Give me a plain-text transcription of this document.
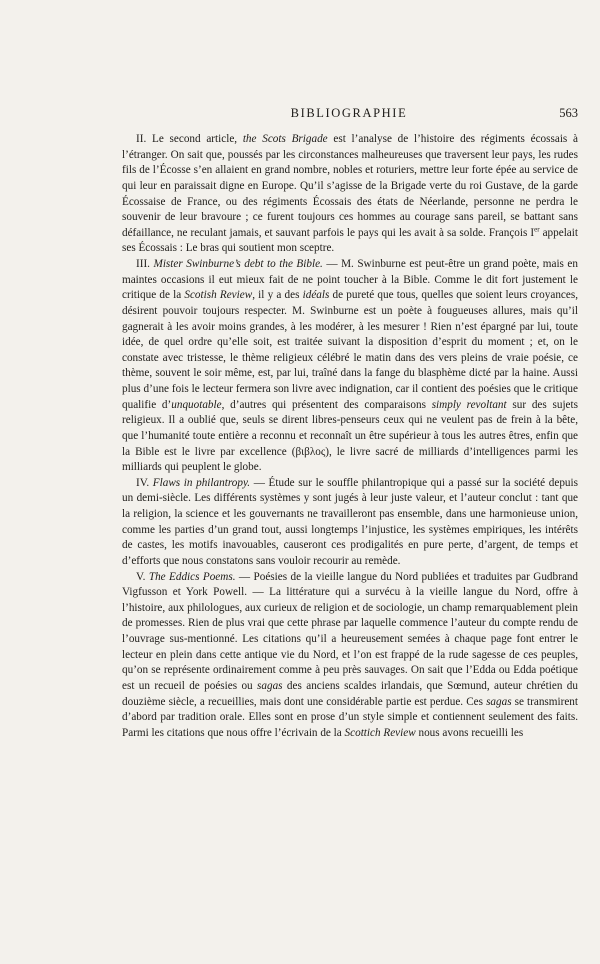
BIBLIOGRAPHIE	563

II. Le second article, the Scots Brigade est l’analyse de l’histoire des régiments écossais à l’étranger. On sait que, poussés par les circonstances malheureuses que traversent leur pays, les rudes fils de l’Écosse s’en allaient en grand nombre, nobles et roturiers, mettre leur forte épée au service de qui leur en paraissait digne en Europe. Qu’il s’agisse de la Brigade verte du roi Gustave, de la garde Écossaise de France, ou des régiments Écossais des états de Néerlande, personne ne perdra le souvenir de leur bravoure ; ce furent toujours ces hommes au courage sans pareil, se battant sans défaillance, ne reculant jamais, et sauvant parfois le pays qui les avait à sa solde. François Ier appelait ses Écossais : Le bras qui soutient mon sceptre.

III. Mister Swinburne’s debt to the Bible. — M. Swinburne est peut-être un grand poète, mais en maintes occasions il eut mieux fait de ne point toucher à la Bible. Comme le dit fort justement le critique de la Scotish Review, il y a des idéals de pureté que tous, quelles que soient leurs croyances, désirent pouvoir toujours respecter. M. Swinburne est un poète à fougueuses allures, mais qu’il gagnerait à les avoir moins grandes, à les modérer, à les mesurer ! Rien n’est épargné par lui, toute idée, de quel ordre qu’elle soit, est traitée suivant la disposition d’esprit du moment ; et, on le constate avec tristesse, le thème religieux célébré le matin dans des vers pleins de vraie poésie, ce thème, souvent le soir même, est, par lui, traîné dans la fange du blasphème dicté par la haine. Aussi plus d’une fois le lecteur fermera son livre avec indignation, car il contient des poésies que le critique qualifie d’unquotable, d’autres qui présentent des comparaisons simply revoltant sur des sujets religieux. Il a oublié que, seuls se dirent libres-penseurs ceux qui ne veulent pas de frein à la bête, que l’humanité toute entière a reconnu et reconnaît un être supérieur à tous les autres êtres, enfin que la Bible est le livre par excellence (βιβλος), le livre sacré de milliards d’intelligences parmi les milliards qui peuplent le globe.

IV. Flaws in philantropy. — Étude sur le souffle philantropique qui a passé sur la société depuis un demi-siècle. Les différents systèmes y sont jugés à leur juste valeur, et l’auteur conclut : tant que la religion, la science et les gouvernants ne travailleront pas ensemble, dans une harmonieuse union, comme les parties d’un grand tout, aussi longtemps l’injustice, les systèmes empiriques, les intérêts de castes, les motifs inavouables, causeront ces prodigalités en pure perte, d’argent, de temps et d’efforts que nous constatons sans vouloir recourir au remède.

V. The Eddics Poems. — Poésies de la vieille langue du Nord publiées et traduites par Gudbrand Vigfusson et York Powell. — La littérature qui a survécu à la vieille langue du Nord, offre à l’histoire, aux philologues, aux curieux de religion et de sociologie, un champ remarquablement plein de promesses. Rien de plus vrai que cette phrase par laquelle commence l’auteur du compte rendu de l’ouvrage sus-mentionné. Les citations qu’il a heureusement semées à chaque page font entrer le lecteur en plein dans cette antique vie du Nord, et l’on est frappé de la rude sagesse de ces peuples, qu’on se représente ordinairement comme à peu près sauvages. On sait que l’Edda ou Edda poétique est un recueil de poésies ou sagas des anciens scaldes irlandais, que Sœmund, auteur chrétien du douzième siècle, a recueillies, mais dont une considérable partie est perdue. Ces sagas se transmirent d’abord par tradition orale. Elles sont en prose d’un style simple et contiennent seulement des faits. Parmi les citations que nous offre l’écrivain de la Scottich Review nous avons recueilli les
